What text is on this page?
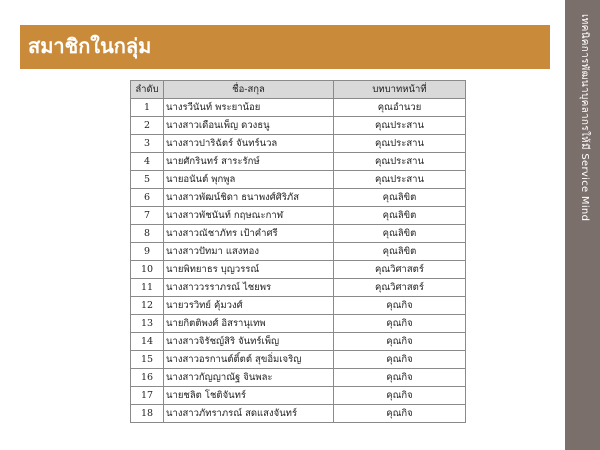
สมาชิกในกลุ่ม	เทคนิคการพัฒนาบุคลากรให้มี Service Mind
ลำดับ	ชื่อ-สกุล	บทบาทหน้าที่
1	นางรวีนันท์ พระยาน้อย	คุณอำนวย
2	นางสาวเดือนเพ็ญ ดวงธนู	คุณประสาน
3	นางสาวปาริฉัตร์ จันทร์นวล	คุณประสาน
4	นายศักรินทร์ สาระรักษ์	คุณประสาน
5	นายอนันต์ พุกพูล	คุณประสาน
6	นางสาวพัฒน์ชิดา ธนาพงศ์ศิริภัส	คุณลิขิต
7	นางสาวพัชนันท์ กฤษณะกาฬ	คุณลิขิต
8	นางสาวณัชาภัทร เป้าคำศรี	คุณลิขิต
9	นางสาวปัทมา แสงทอง	คุณลิขิต
10	นายพิทยาธร บุญวรรณ์	คุณวิศาสตร์
11	นางสาววรราภรณ์ ไชยพร	คุณวิศาสตร์
12	นายวรวิทย์ คุ้มวงศ์	คุณกิจ
13	นายกิตติพงศ์ อิสรานุเทพ	คุณกิจ
14	นางสาวจิรัชญ์สิริ จันทร์เพ็ญ	คุณกิจ
15	นางสาวอรกานต์ติ์ตต์ สุขอิ่มเจริญ	คุณกิจ
16	นางสาวกัญญาณัฐ จินพละ	คุณกิจ
17	นายชลิต โชติจันทร์	คุณกิจ
18	นางสาวภัทราภรณ์ สดแสงจันทร์	คุณกิจ
